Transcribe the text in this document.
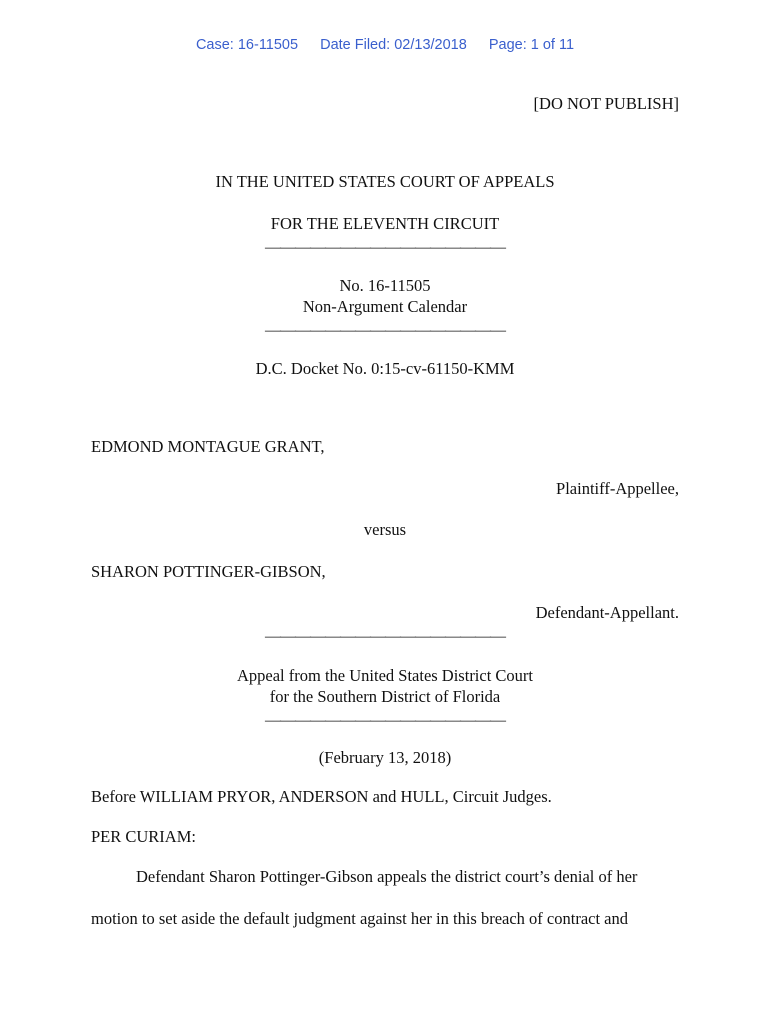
Case: 16-11505 Date Filed: 02/13/2018 Page: 1 of 11
[DO NOT PUBLISH]
IN THE UNITED STATES COURT OF APPEALS
FOR THE ELEVENTH CIRCUIT
————————————————
No. 16-11505
Non-Argument Calendar
————————————————
D.C. Docket No. 0:15-cv-61150-KMM
EDMOND MONTAGUE GRANT,
Plaintiff-Appellee,
versus
SHARON POTTINGER-GIBSON,
Defendant-Appellant.
————————————————
Appeal from the United States District Court
for the Southern District of Florida
————————————————
(February 13, 2018)
Before WILLIAM PRYOR, ANDERSON and HULL, Circuit Judges.
PER CURIAM:
Defendant Sharon Pottinger-Gibson appeals the district court’s denial of her
motion to set aside the default judgment against her in this breach of contract and
